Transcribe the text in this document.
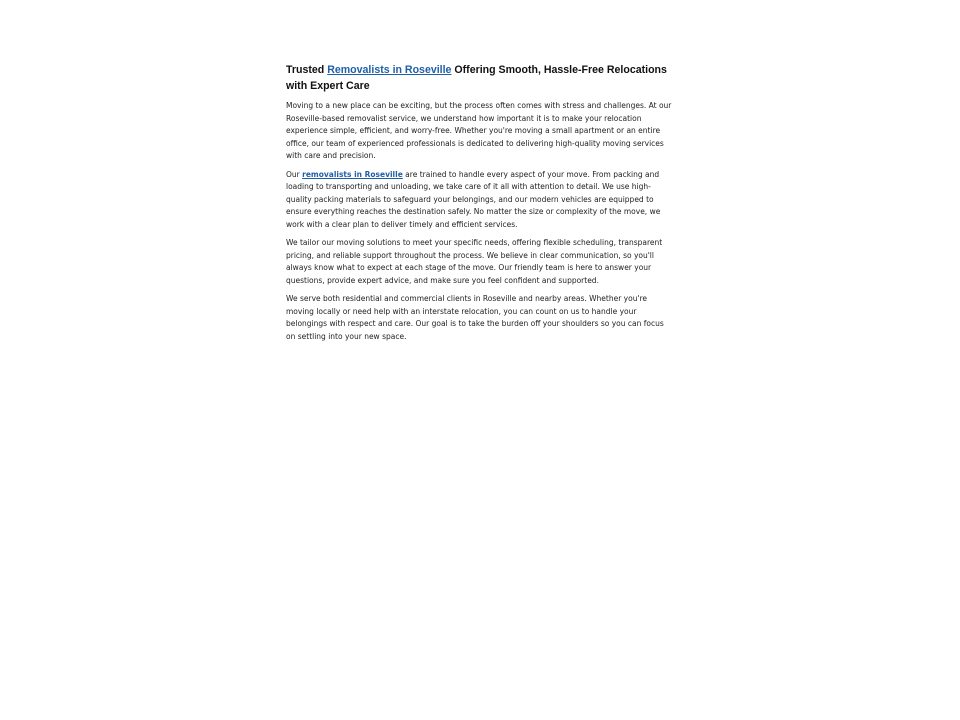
Trusted Removalists in Roseville Offering Smooth, Hassle-Free Relocations with Expert Care

Moving to a new place can be exciting, but the process often comes with stress and challenges. At our Roseville-based removalist service, we understand how important it is to make your relocation experience simple, efficient, and worry-free. Whether you're moving a small apartment or an entire office, our team of experienced professionals is dedicated to delivering high-quality moving services with care and precision.

Our removalists in Roseville are trained to handle every aspect of your move. From packing and loading to transporting and unloading, we take care of it all with attention to detail. We use high-quality packing materials to safeguard your belongings, and our modern vehicles are equipped to ensure everything reaches the destination safely. No matter the size or complexity of the move, we work with a clear plan to deliver timely and efficient services.

We tailor our moving solutions to meet your specific needs, offering flexible scheduling, transparent pricing, and reliable support throughout the process. We believe in clear communication, so you'll always know what to expect at each stage of the move. Our friendly team is here to answer your questions, provide expert advice, and make sure you feel confident and supported.

We serve both residential and commercial clients in Roseville and nearby areas. Whether you're moving locally or need help with an interstate relocation, you can count on us to handle your belongings with respect and care. Our goal is to take the burden off your shoulders so you can focus on settling into your new space.
